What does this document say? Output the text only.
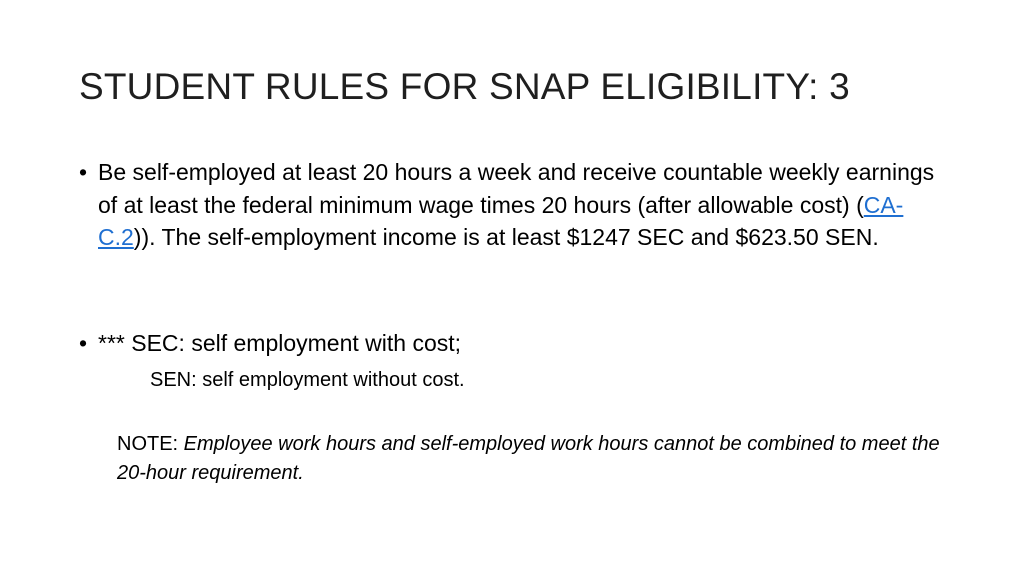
STUDENT RULES FOR SNAP ELIGIBILITY: 3
• Be self-employed at least 20 hours a week and receive countable weekly earnings of at least the federal minimum wage times 20 hours (after allowable cost) (CA-C.2)). The self-employment income is at least $1247 SEC and $623.50 SEN.
• *** SEC: self employment with cost;
SEN: self employment without cost.
NOTE: Employee work hours and self-employed work hours cannot be combined to meet the 20-hour requirement.
